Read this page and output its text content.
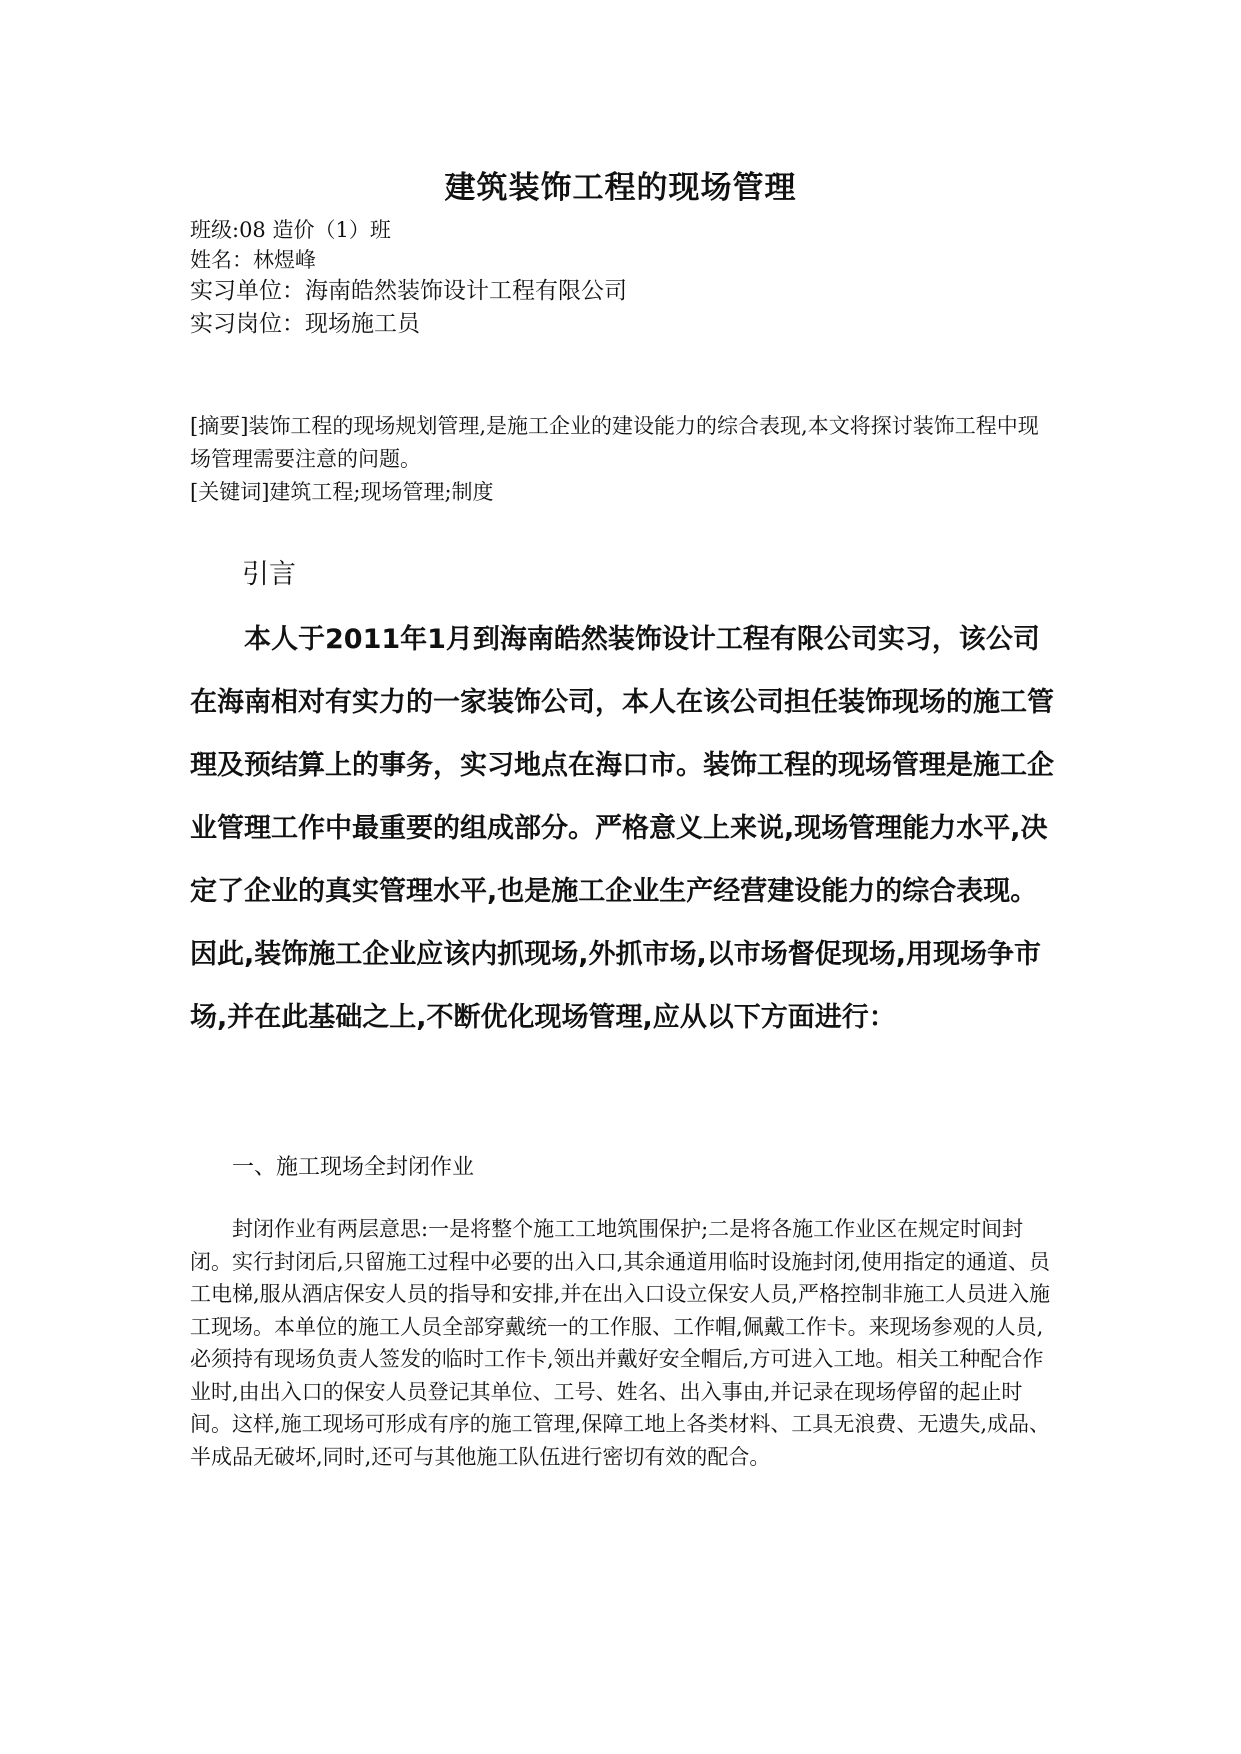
建筑装饰工程的现场管理
班级:08 造价（1）班
姓名：林煜峰
实习单位：海南皓然装饰设计工程有限公司
实习岗位：现场施工员

[摘要]装饰工程的现场规划管理,是施工企业的建设能力的综合表现,本文将探讨装饰工程中现场管理需要注意的问题。

[关键词]建筑工程;现场管理;制度

引言

本人于2011年1月到海南皓然装饰设计工程有限公司实习，该公司在海南相对有实力的一家装饰公司，本人在该公司担任装饰现场的施工管理及预结算上的事务，实习地点在海口市。装饰工程的现场管理是施工企业管理工作中最重要的组成部分。严格意义上来说,现场管理能力水平,决定了企业的真实管理水平,也是施工企业生产经营建设能力的综合表现。因此,装饰施工企业应该内抓现场,外抓市场,以市场督促现场,用现场争市场,并在此基础之上,不断优化现场管理,应从以下方面进行：

一、施工现场全封闭作业

封闭作业有两层意思:一是将整个施工工地筑围保护;二是将各施工作业区在规定时间封闭。实行封闭后,只留施工过程中必要的出入口,其余通道用临时设施封闭,使用指定的通道、员工电梯,服从酒店保安人员的指导和安排,并在出入口设立保安人员,严格控制非施工人员进入施工现场。本单位的施工人员全部穿戴统一的工作服、工作帽,佩戴工作卡。来现场参观的人员,必须持有现场负责人签发的临时工作卡,领出并戴好安全帽后,方可进入工地。相关工种配合作业时,由出入口的保安人员登记其单位、工号、姓名、出入事由,并记录在现场停留的起止时间。这样,施工现场可形成有序的施工管理,保障工地上各类材料、工具无浪费、无遗失,成品、半成品无破坏,同时,还可与其他施工队伍进行密切有效的配合。
